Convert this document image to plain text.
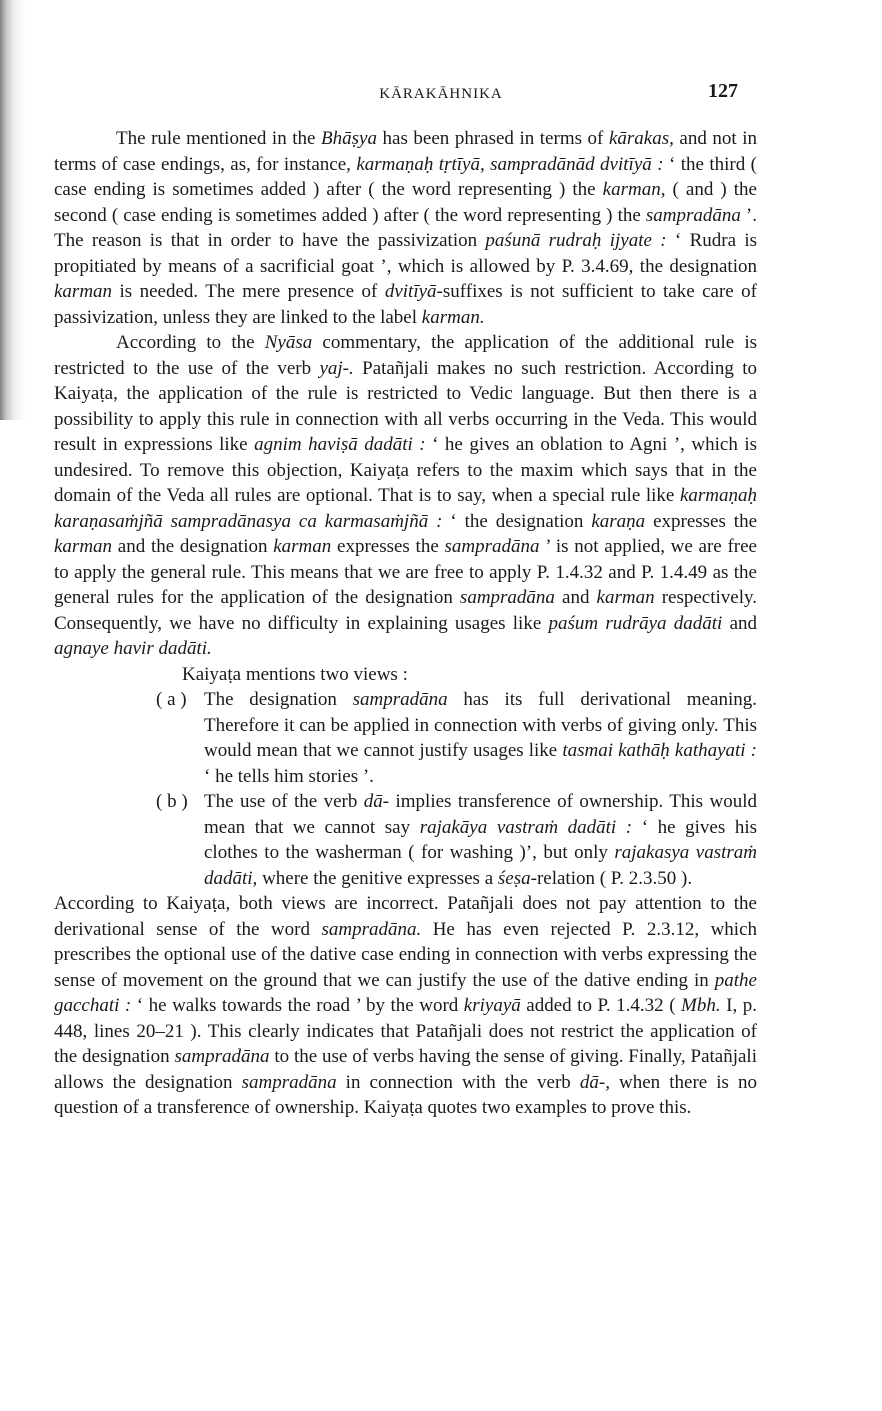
KĀRAKĀHNIKA	127

The rule mentioned in the Bhāṣya has been phrased in terms of kārakas, and not in terms of case endings, as, for instance, karmaṇaḥ tṛtīyā, sampradānād dvitīyā : ‘ the third ( case ending is sometimes added ) after ( the word representing ) the karman, ( and ) the second ( case ending is sometimes added ) after ( the word representing ) the sampradāna ’. The reason is that in order to have the passivization paśunā rudraḥ ijyate : ‘ Rudra is propitiated by means of a sacrificial goat ’, which is allowed by P. 3.4.69, the designation karman is needed. The mere presence of dvitīyā-suffixes is not sufficient to take care of passivization, unless they are linked to the label karman.

According to the Nyāsa commentary, the application of the additional rule is restricted to the use of the verb yaj-. Patañjali makes no such restriction. According to Kaiyaṭa, the application of the rule is restricted to Vedic language. But then there is a possibility to apply this rule in connection with all verbs occurring in the Veda. This would result in expressions like agnim haviṣā dadāti : ‘ he gives an oblation to Agni ’, which is undesired. To remove this objection, Kaiyaṭa refers to the maxim which says that in the domain of the Veda all rules are optional. That is to say, when a special rule like karmaṇaḥ karaṇasaṁjñā sampradānasya ca karmasaṁjñā : ‘ the designation karaṇa expresses the karman and the designation karman expresses the sampradāna ’ is not applied, we are free to apply the general rule. This means that we are free to apply P. 1.4.32 and P. 1.4.49 as the general rules for the application of the designation sampradāna and karman respectively. Consequently, we have no difficulty in explaining usages like paśum rudrāya dadāti and agnaye havir dadāti.

Kaiyaṭa mentions two views :

( a ) The designation sampradāna has its full derivational meaning. Therefore it can be applied in connection with verbs of giving only. This would mean that we cannot justify usages like tasmai kathāḥ kathayati : ‘ he tells him stories ’.
( b ) The use of the verb dā- implies transference of ownership. This would mean that we cannot say rajakāya vastraṁ dadāti : ‘ he gives his clothes to the washerman ( for washing )’, but only rajakasya vastraṁ dadāti, where the genitive expresses a śeṣa-relation ( P. 2.3.50 ).

According to Kaiyaṭa, both views are incorrect. Patañjali does not pay attention to the derivational sense of the word sampradāna. He has even rejected P. 2.3.12, which prescribes the optional use of the dative case ending in connection with verbs expressing the sense of movement on the ground that we can justify the use of the dative ending in pathe gacchati : ‘ he walks towards the road ’ by the word kriyayā added to P. 1.4.32 ( Mbh. I, p. 448, lines 20–21 ). This clearly indicates that Patañjali does not restrict the application of the designation sampradāna to the use of verbs having the sense of giving. Finally, Patañjali allows the designation sampradāna in connection with the verb dā-, when there is no question of a transference of ownership. Kaiyaṭa quotes two examples to prove this.
